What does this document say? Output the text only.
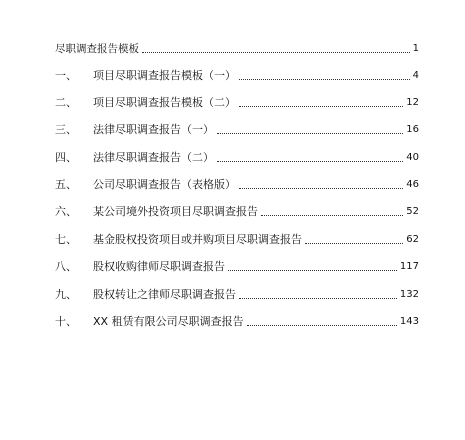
尽职调查报告模板	1
一、	项目尽职调查报告模板（一）	4
二、	项目尽职调查报告模板（二）	12
三、	法律尽职调查报告（一）	16
四、	法律尽职调查报告（二）	40
五、	公司尽职调查报告（表格版）	46
六、	某公司境外投资项目尽职调查报告	52
七、	基金股权投资项目或并购项目尽职调查报告	62
八、	股权收购律师尽职调查报告	117
九、	股权转让之律师尽职调查报告	132
十、	XX 租赁有限公司尽职调查报告	143
